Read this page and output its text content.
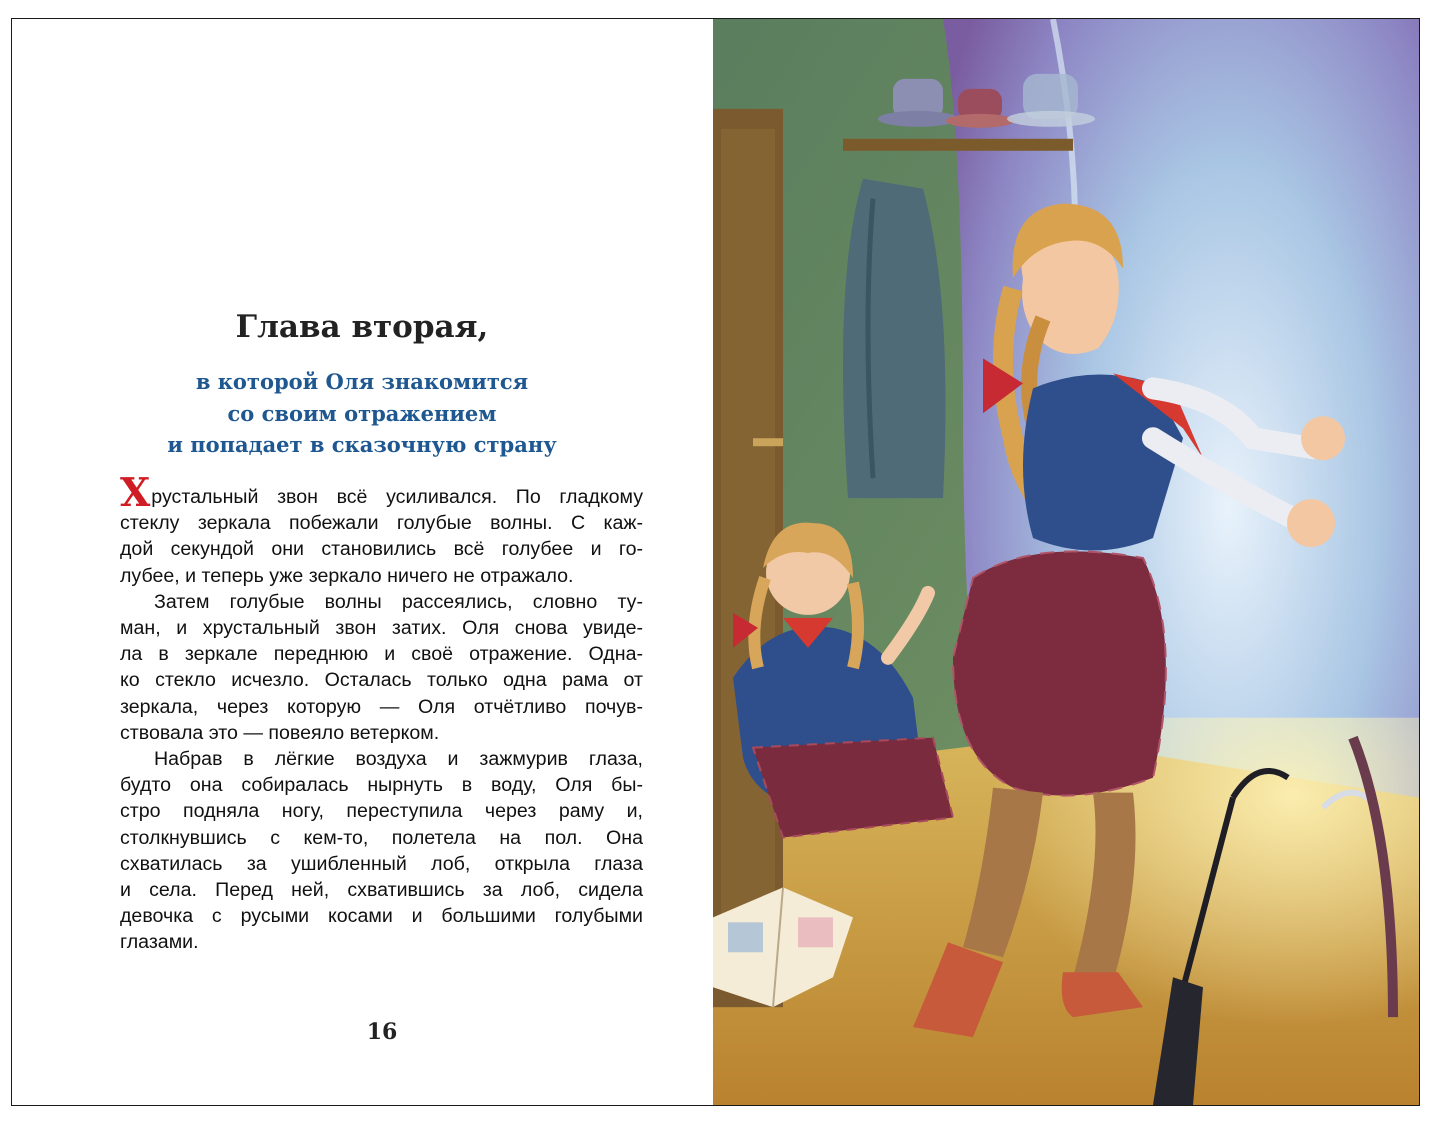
Глава вторая,
в которой Оля знакомится
со своим отражением
и попадает в сказочную страну
Хрустальный звон всё усиливался. По гладкому
стеклу зеркала побежали голубые волны. С каж-
дой секундой они становились всё голубее и го-
лубее, и теперь уже зеркало ничего не отражало.
Затем голубые волны рассеялись, словно ту-
ман, и хрустальный звон затих. Оля снова увиде-
ла в зеркале переднюю и своё отражение. Одна-
ко стекло исчезло. Осталась только одна рама от
зеркала, через которую — Оля отчётливо почув-
ствовала это — повеяло ветерком.
Набрав в лёгкие воздуха и зажмурив глаза,
будто она собиралась нырнуть в воду, Оля бы-
стро подняла ногу, переступила через раму и,
столкнувшись с кем-то, полетела на пол. Она
схватилась за ушибленный лоб, открыла глаза
и села. Перед ней, схватившись за лоб, сидела
девочка с русыми косами и большими голубыми
глазами.
16
